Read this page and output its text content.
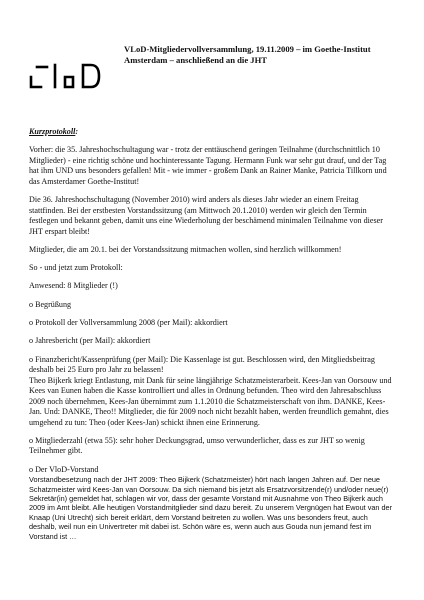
VLoD-Mitgliedervollversammlung, 19.11.2009 – im Goethe-Institut Amsterdam – anschließend an die JHT

Kurzprotokoll:

Vorher: die 35. Jahreshochschultagung war - trotz der enttäuschend geringen Teilnahme (durchschnittlich 10 Mitglieder) - eine richtig schöne und hochinteressante Tagung. Hermann Funk war sehr gut drauf, und der Tag hat ihm UND uns besonders gefallen! Mit - wie immer - großem Dank an Rainer Manke, Patricia Tillkorn und das Amsterdamer Goethe-Institut!

Die 36. Jahreshochschultagung (November 2010) wird anders als dieses Jahr wieder an einem Freitag stattfinden. Bei der erstbesten Vorstandssitzung (am Mittwoch 20.1.2010) werden wir gleich den Termin festlegen und bekannt geben, damit uns eine Wiederholung der beschämend minimalen Teilnahme von dieser JHT erspart bleibt!

Mitglieder, die am 20.1. bei der Vorstandssitzung mitmachen wollen, sind herzlich willkommen!

So - und jetzt zum Protokoll:

Anwesend: 8 Mitglieder (!)

o Begrüßung

o Protokoll der Vollversammlung 2008 (per Mail): akkordiert

o Jahresbericht (per Mail): akkordiert

o Finanzbericht/Kassenprüfung (per Mail): Die Kassenlage ist gut. Beschlossen wird, den Mitgliedsbeitrag deshalb bei 25 Euro pro Jahr zu belassen!
Theo Bijkerk kriegt Entlastung, mit Dank für seine längjährige Schatzmeisterarbeit. Kees-Jan van Oorsouw und Kees van Eunen haben die Kasse kontrolliert und alles in Ordnung befunden. Theo wird den Jahresabschluss 2009 noch übernehmen, Kees-Jan übernimmt zum 1.1.2010 die Schatzmeisterschaft von ihm. DANKE, Kees-Jan. Und: DANKE, Theo!! Mitglieder, die für 2009 noch nicht bezahlt haben, werden freundlich gemahnt, dies umgehend zu tun: Theo (oder Kees-Jan) schickt ihnen eine Erinnerung.

o Mitgliederzahl (etwa 55): sehr hoher Deckungsgrad, umso verwunderlicher, dass es zur JHT so wenig Teilnehmer gibt.

o Der VloD-Vorstand
Vorstandbesetzung nach der JHT 2009: Theo Bijkerk (Schatzmeister) hört nach langen Jahren auf. Der neue Schatzmeister wird Kees-Jan van Oorsouw. Da sich niemand bis jetzt als Ersatzvorsitzende(r) und/oder neue(r) Sekretär(in) gemeldet hat, schlagen wir vor, dass der gesamte Vorstand mit Ausnahme von Theo Bijkerk auch 2009 im Amt bleibt. Alle heutigen Vorstandmitglieder sind dazu bereit. Zu unserem Vergnügen hat Ewout van der Knaap (Uni Utrecht) sich bereit erklärt, dem Vorstand beitreten zu wollen. Was uns besonders freut, auch deshalb, weil nun ein Univertreter mit dabei ist. Schön wäre es, wenn auch aus Gouda nun jemand fest im Vorstand ist …
